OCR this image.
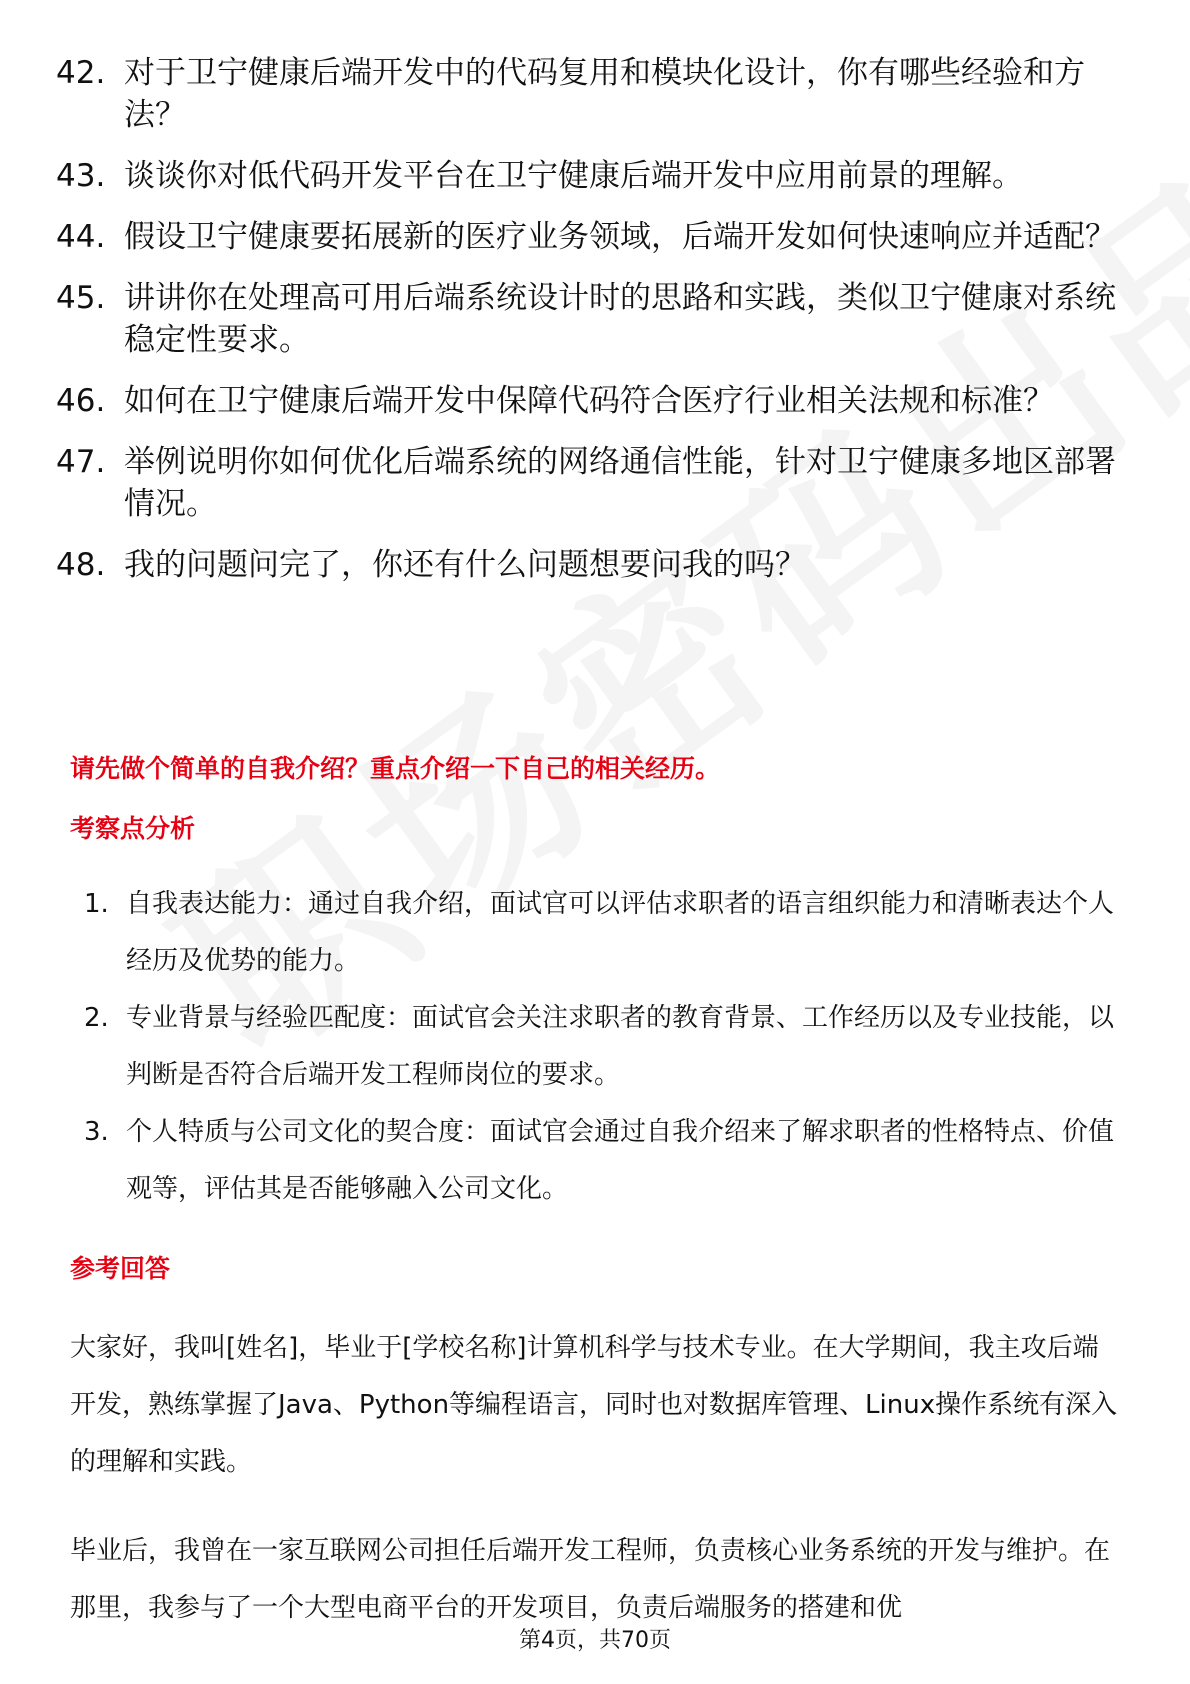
42. 对于卫宁健康后端开发中的代码复用和模块化设计，你有哪些经验和方法？
43. 谈谈你对低代码开发平台在卫宁健康后端开发中应用前景的理解。
44. 假设卫宁健康要拓展新的医疗业务领域，后端开发如何快速响应并适配？
45. 讲讲你在处理高可用后端系统设计时的思路和实践，类似卫宁健康对系统稳定性要求。
46. 如何在卫宁健康后端开发中保障代码符合医疗行业相关法规和标准？
47. 举例说明你如何优化后端系统的网络通信性能，针对卫宁健康多地区部署情况。
48. 我的问题问完了，你还有什么问题想要问我的吗？
请先做个简单的自我介绍？重点介绍一下自己的相关经历。
考察点分析
1. 自我表达能力：通过自我介绍，面试官可以评估求职者的语言组织能力和清晰表达个人经历及优势的能力。
2. 专业背景与经验匹配度：面试官会关注求职者的教育背景、工作经历以及专业技能，以判断是否符合后端开发工程师岗位的要求。
3. 个人特质与公司文化的契合度：面试官会通过自我介绍来了解求职者的性格特点、价值观等，评估其是否能够融入公司文化。
参考回答

大家好，我叫[姓名]，毕业于[学校名称]计算机科学与技术专业。在大学期间，我主攻后端开发，熟练掌握了Java、Python等编程语言，同时也对数据库管理、Linux操作系统有深入的理解和实践。

毕业后，我曾在一家互联网公司担任后端开发工程师，负责核心业务系统的开发与维护。在那里，我参与了一个大型电商平台的开发项目，负责后端服务的搭建和优

第4页，共70页
